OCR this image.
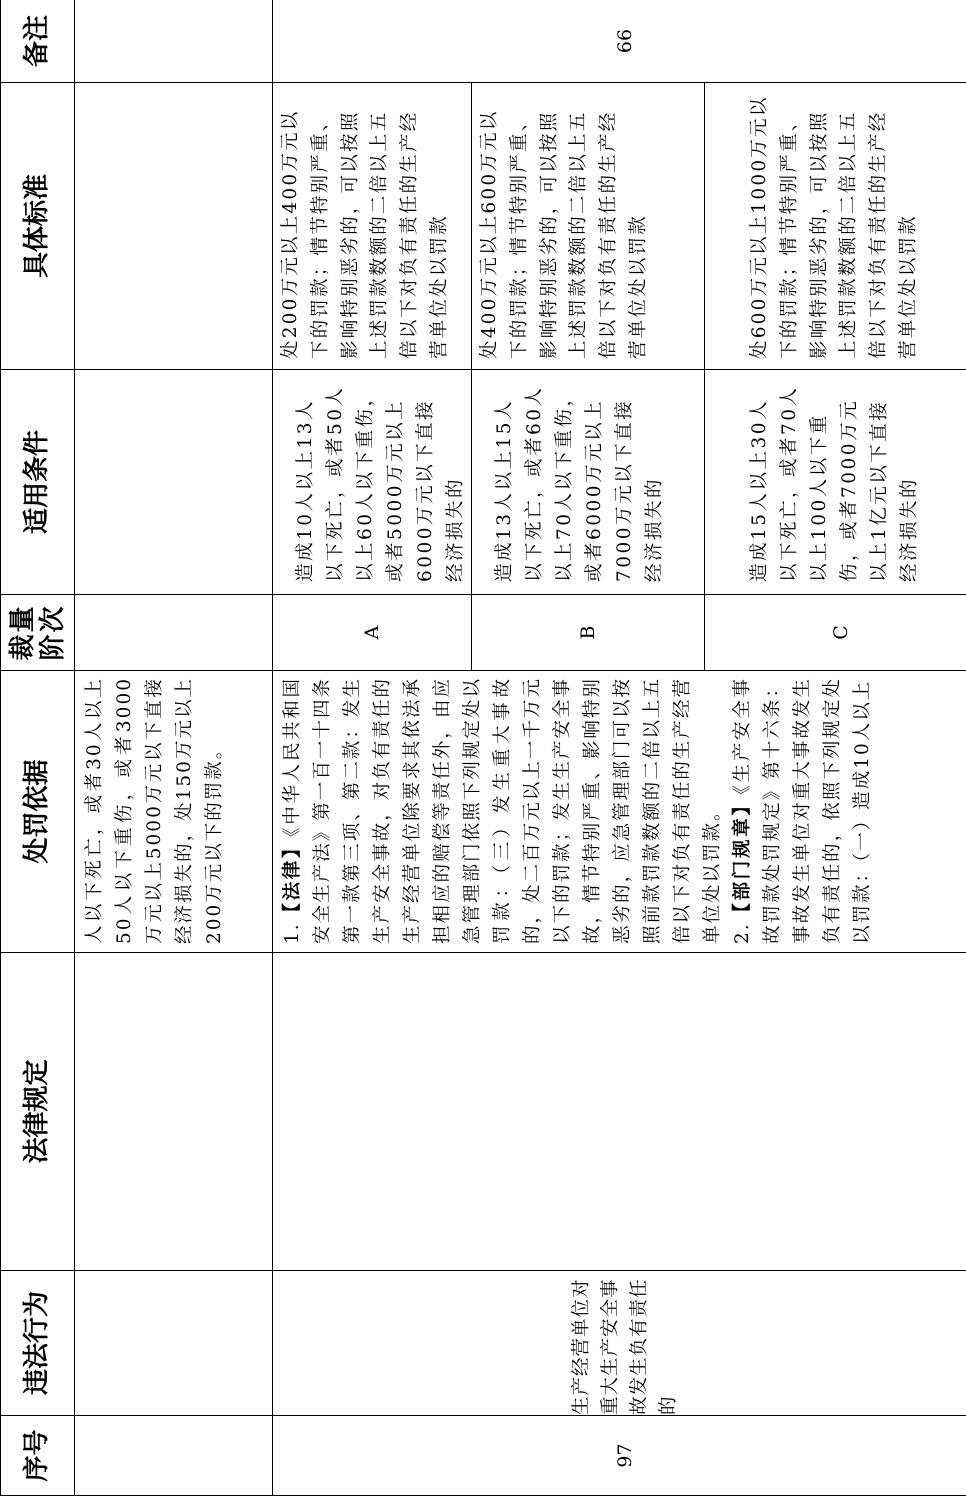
序号	违法行为	法律规定	处罚依据	裁量阶次	适用条件	具体标准	备注
			人以下死亡，或者30人以上50人以下重伤，或者3000万元以上5000万元以下直接经济损失的，处150万元以上200万元以下的罚款。				
97	生产经营单位对重大生产安全事故发生负有责任的		1.【法律】《中华人民共和国安全生产法》第一百一十四条第一款第三项、第二款：发生生产安全事故，对负有责任的生产经营单位除要求其依法承担相应的赔偿等责任外，由应急管理部门依照下列规定处以罚款：（三）发生重大事故的，处二百万元以上一千万元以下的罚款；发生生产安全事故，情节特别严重、影响特别恶劣的，应急管理部门可以按照前款罚款数额的二倍以上五倍以下对负有责任的生产经营单位处以罚款。 2.【部门规章】《生产安全事故罚款处罚规定》第十六条：事故发生单位对重大事故发生负有责任的，依照下列规定处以罚款：（一）造成10人以上	A	造成10人以上13人以下死亡，或者50人以上60人以下重伤，或者5000万元以上6000万元以下直接经济损失的	处200万元以上400万元以下的罚款；情节特别严重、影响特别恶劣的，可以按照上述罚款数额的二倍以上五倍以下对负有责任的生产经营单位处以罚款	66
				B	造成13人以上15人以下死亡，或者60人以上70人以下重伤，或者6000万元以上7000万元以下直接经济损失的	处400万元以上600万元以下的罚款；情节特别严重、影响特别恶劣的，可以按照上述罚款数额的二倍以上五倍以下对负有责任的生产经营单位处以罚款	
				C	造成15人以上30人以下死亡，或者70人以上100人以下重伤，或者7000万元以上1亿元以下直接经济损失的	处600万元以上1000万元以下的罚款；情节特别严重、影响特别恶劣的，可以按照上述罚款数额的二倍以上五倍以下对负有责任的生产经营单位处以罚款	
